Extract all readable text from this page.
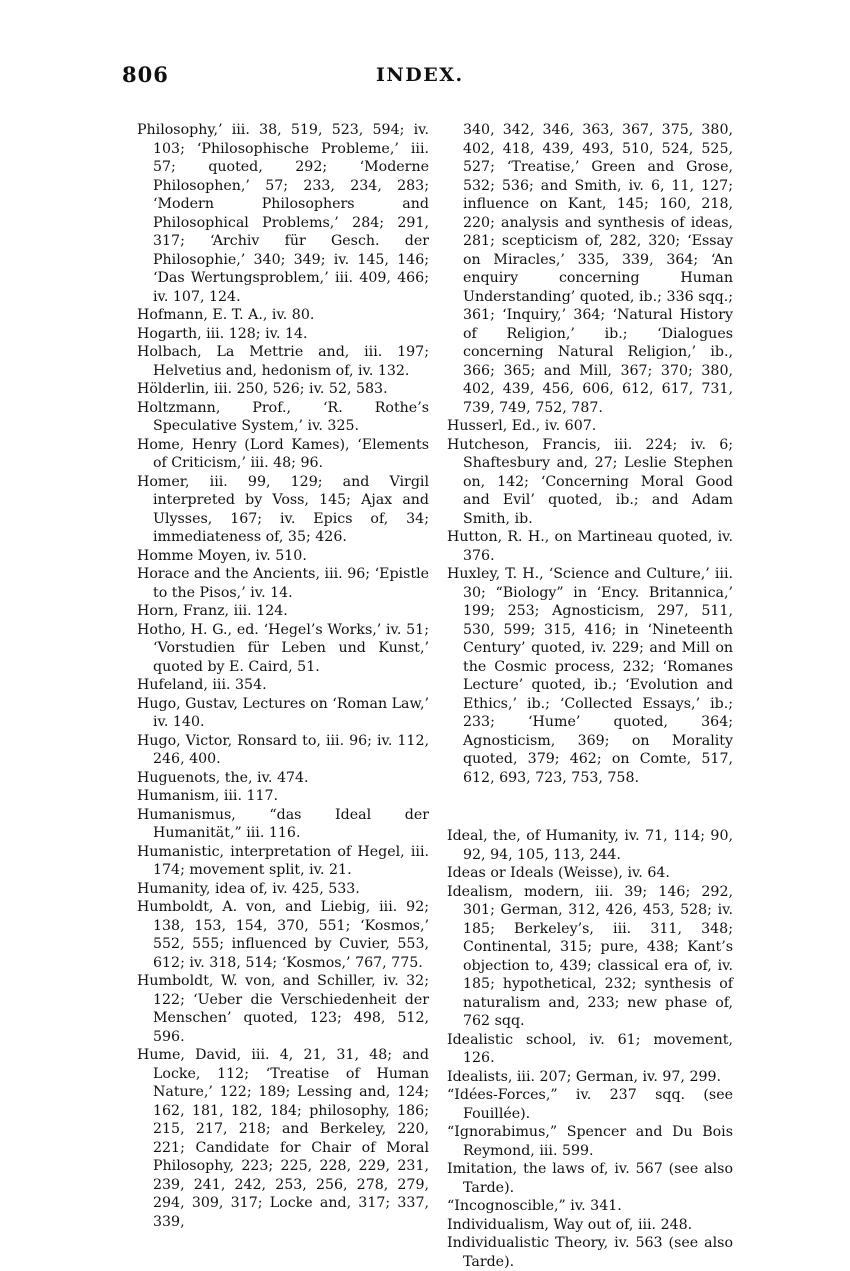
806	INDEX.

Philosophy,’ iii. 38, 519, 523, 594; iv. 103; ‘Philosophische Probleme,’ iii. 57; quoted, 292; ‘Moderne Philosophen,’ 57; 233, 234, 283; ‘Modern Philosophers and Philosophical Problems,’ 284; 291, 317; ‘Archiv für Gesch. der Philosophie,’ 340; 349; iv. 145, 146; ‘Das Wertungsproblem,’ iii. 409, 466; iv. 107, 124.

Hofmann, E. T. A., iv. 80.

Hogarth, iii. 128; iv. 14.

Holbach, La Mettrie and, iii. 197; Helvetius and, hedonism of, iv. 132.

Hölderlin, iii. 250, 526; iv. 52, 583.

Holtzmann, Prof., ‘R. Rothe’s Speculative System,’ iv. 325.

Home, Henry (Lord Kames), ‘Elements of Criticism,’ iii. 48; 96.

Homer, iii. 99, 129; and Virgil interpreted by Voss, 145; Ajax and Ulysses, 167; iv. Epics of, 34; immediateness of, 35; 426.

Homme Moyen, iv. 510.

Horace and the Ancients, iii. 96; ‘Epistle to the Pisos,’ iv. 14.

Horn, Franz, iii. 124.

Hotho, H. G., ed. ‘Hegel’s Works,’ iv. 51; ‘Vorstudien für Leben und Kunst,’ quoted by E. Caird, 51.

Hufeland, iii. 354.

Hugo, Gustav, Lectures on ‘Roman Law,’ iv. 140.

Hugo, Victor, Ronsard to, iii. 96; iv. 112, 246, 400.

Huguenots, the, iv. 474.

Humanism, iii. 117.

Humanismus, “das Ideal der Humanität,” iii. 116.

Humanistic, interpretation of Hegel, iii. 174; movement split, iv. 21.

Humanity, idea of, iv. 425, 533.

Humboldt, A. von, and Liebig, iii. 92; 138, 153, 154, 370, 551; ‘Kosmos,’ 552, 555; influenced by Cuvier, 553, 612; iv. 318, 514; ‘Kosmos,’ 767, 775.

Humboldt, W. von, and Schiller, iv. 32; 122; ‘Ueber die Verschiedenheit der Menschen’ quoted, 123; 498, 512, 596.

Hume, David, iii. 4, 21, 31, 48; and Locke, 112; ‘Treatise of Human Nature,’ 122; 189; Lessing and, 124; 162, 181, 182, 184; philosophy, 186; 215, 217, 218; and Berkeley, 220, 221; Candidate for Chair of Moral Philosophy, 223; 225, 228, 229, 231, 239, 241, 242, 253, 256, 278, 279, 294, 309, 317; Locke and, 317; 337, 339,

340, 342, 346, 363, 367, 375, 380, 402, 418, 439, 493, 510, 524, 525, 527; ‘Treatise,’ Green and Grose, 532; 536; and Smith, iv. 6, 11, 127; influence on Kant, 145; 160, 218, 220; analysis and synthesis of ideas, 281; scepticism of, 282, 320; ‘Essay on Miracles,’ 335, 339, 364; ‘An enquiry concerning Human Understanding’ quoted, ib.; 336 sqq.; 361; ‘Inquiry,’ 364; ‘Natural History of Religion,’ ib.; ‘Dialogues concerning Natural Religion,’ ib., 366; 365; and Mill, 367; 370; 380, 402, 439, 456, 606, 612, 617, 731, 739, 749, 752, 787.

Husserl, Ed., iv. 607.

Hutcheson, Francis, iii. 224; iv. 6; Shaftesbury and, 27; Leslie Stephen on, 142; ‘Concerning Moral Good and Evil’ quoted, ib.; and Adam Smith, ib.

Hutton, R. H., on Martineau quoted, iv. 376.

Huxley, T. H., ‘Science and Culture,’ iii. 30; “Biology” in ‘Ency. Britannica,’ 199; 253; Agnosticism, 297, 511, 530, 599; 315, 416; in ‘Nineteenth Century’ quoted, iv. 229; and Mill on the Cosmic process, 232; ‘Romanes Lecture’ quoted, ib.; ‘Evolution and Ethics,’ ib.; ‘Collected Essays,’ ib.; 233; ‘Hume’ quoted, 364; Agnosticism, 369; on Morality quoted, 379; 462; on Comte, 517, 612, 693, 723, 753, 758.

Ideal, the, of Humanity, iv. 71, 114; 90, 92, 94, 105, 113, 244.

Ideas or Ideals (Weisse), iv. 64.

Idealism, modern, iii. 39; 146; 292, 301; German, 312, 426, 453, 528; iv. 185; Berkeley’s, iii. 311, 348; Continental, 315; pure, 438; Kant’s objection to, 439; classical era of, iv. 185; hypothetical, 232; synthesis of naturalism and, 233; new phase of, 762 sqq.

Idealistic school, iv. 61; movement, 126.

Idealists, iii. 207; German, iv. 97, 299.

“Idées-Forces,” iv. 237 sqq. (see Fouillée).

“Ignorabimus,” Spencer and Du Bois Reymond, iii. 599.

Imitation, the laws of, iv. 567 (see also Tarde).

“Incognoscible,” iv. 341.

Individualism, Way out of, iii. 248.

Individualistic Theory, iv. 563 (see also Tarde).
